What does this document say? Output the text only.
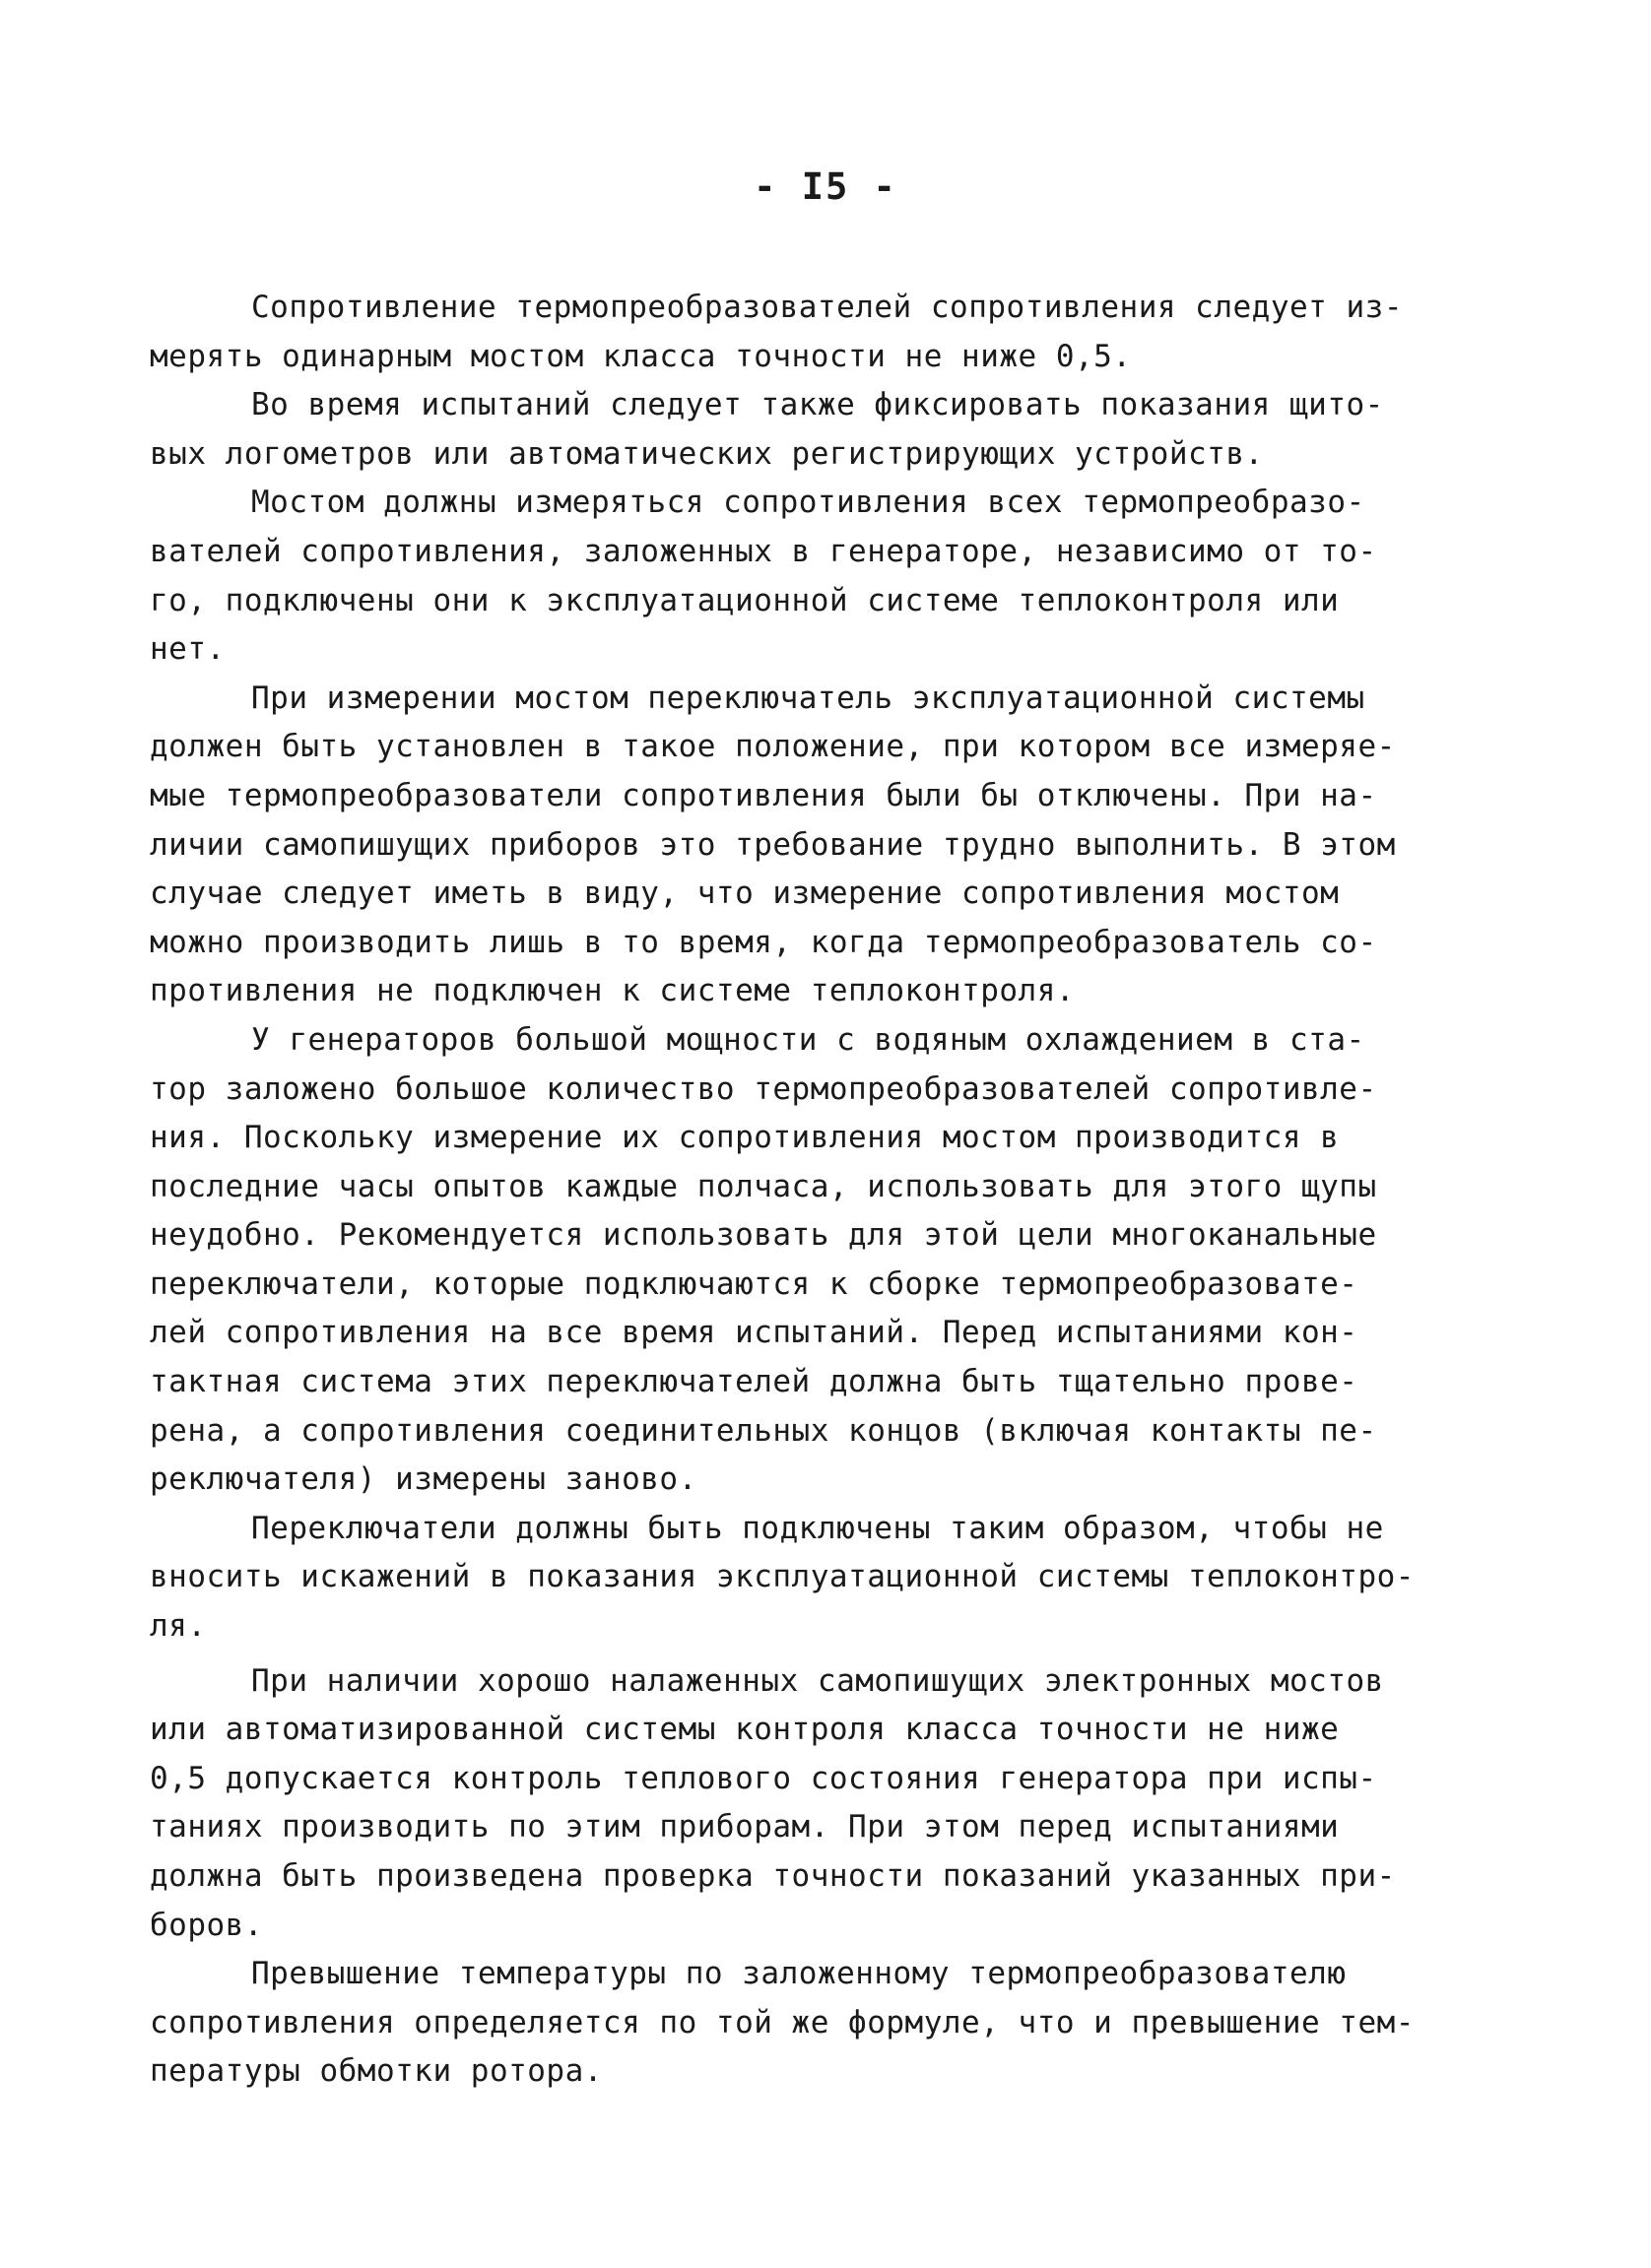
- I5 -
Сопротивление термопреобразователей сопротивления следует из-
мерять одинарным мостом класса точности не ниже 0,5.
Во время испытаний следует также фиксировать показания щито-
вых логометров или автоматических регистрирующих устройств.
Мостом должны измеряться сопротивления всех термопреобразо-
вателей сопротивления, заложенных в генераторе, независимо от то-
го, подключены они к эксплуатационной системе теплоконтроля или
нет.
При измерении мостом переключатель эксплуатационной системы
должен быть установлен в такое положение, при котором все измеряе-
мые термопреобразователи сопротивления были бы отключены. При на-
личии самопишущих приборов это требование трудно выполнить. В этом
случае следует иметь в виду, что измерение сопротивления мостом
можно производить лишь в то время, когда термопреобразователь со-
противления не подключен к системе теплоконтроля.
У генераторов большой мощности с водяным охлаждением в ста-
тор заложено большое количество термопреобразователей сопротивле-
ния. Поскольку измерение их сопротивления мостом производится в
последние часы опытов каждые полчаса, использовать для этого щупы
неудобно. Рекомендуется использовать для этой цели многоканальные
переключатели, которые подключаются к сборке термопреобразовате-
лей сопротивления на все время испытаний. Перед испытаниями кон-
тактная система этих переключателей должна быть тщательно прове-
рена, а сопротивления соединительных концов (включая контакты пе-
реключателя) измерены заново.
Переключатели должны быть подключены таким образом, чтобы не
вносить искажений в показания эксплуатационной системы теплоконтро-
ля.
При наличии хорошо налаженных самопишущих электронных мостов
или автоматизированной системы контроля класса точности не ниже
0,5 допускается контроль теплового состояния генератора при испы-
таниях производить по этим приборам. При этом перед испытаниями
должна быть произведена проверка точности показаний указанных при-
боров.
Превышение температуры по заложенному термопреобразователю
сопротивления определяется по той же формуле, что и превышение тем-
пературы обмотки ротора.
